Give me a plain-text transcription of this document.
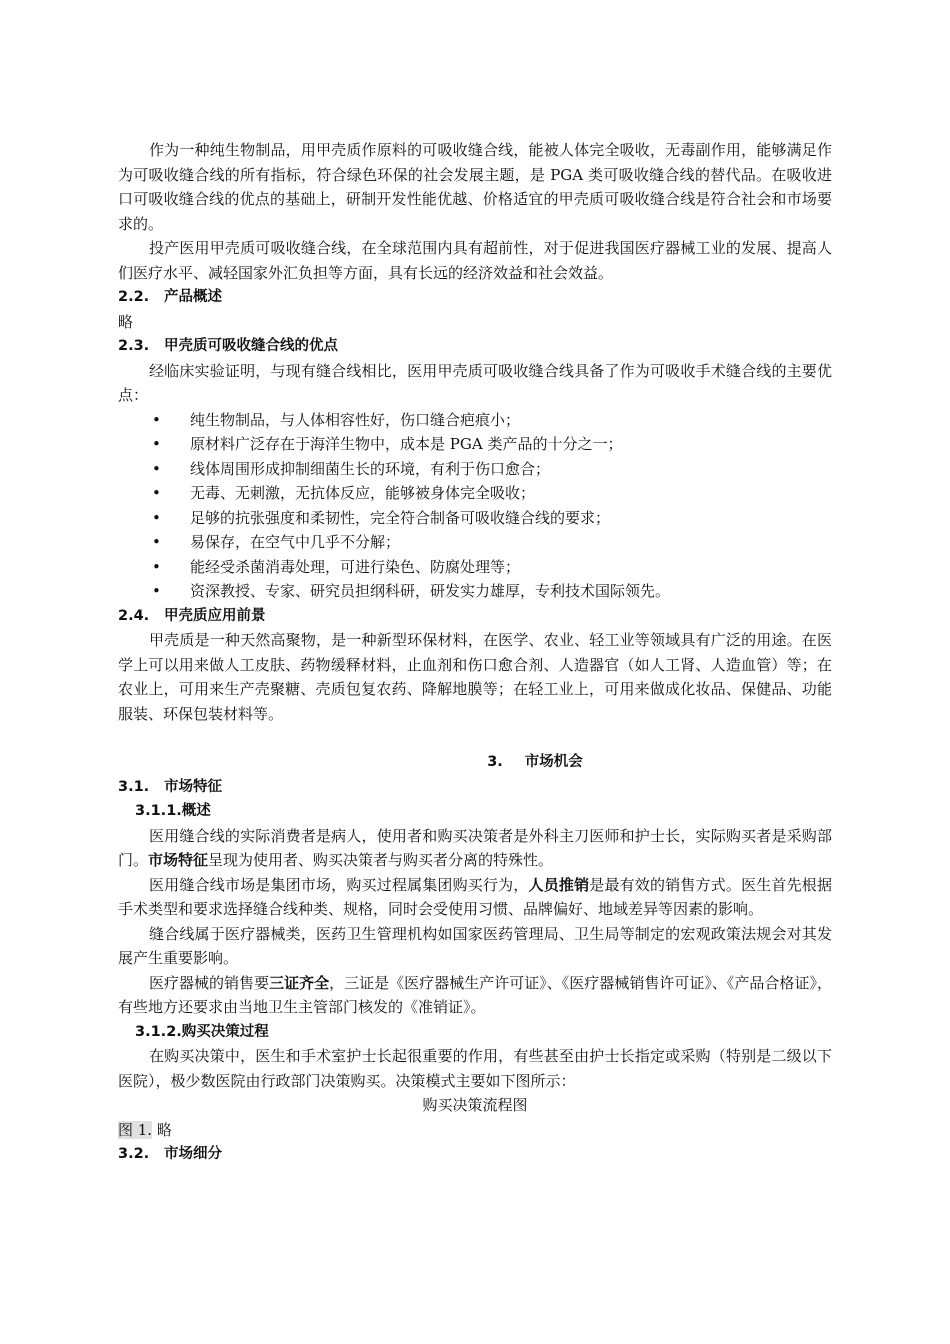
作为一种纯生物制品，用甲壳质作原料的可吸收缝合线，能被人体完全吸收，无毒副作用，能够满足作为可吸收缝合线的所有指标，符合绿色环保的社会发展主题，是 PGA 类可吸收缝合线的替代品。在吸收进口可吸收缝合线的优点的基础上，研制开发性能优越、价格适宜的甲壳质可吸收缝合线是符合社会和市场要求的。

投产医用甲壳质可吸收缝合线，在全球范围内具有超前性，对于促进我国医疗器械工业的发展、提高人们医疗水平、减轻国家外汇负担等方面，具有长远的经济效益和社会效益。

2.2.	产品概述

略

2.3.	甲壳质可吸收缝合线的优点

经临床实验证明，与现有缝合线相比，医用甲壳质可吸收缝合线具备了作为可吸收手术缝合线的主要优点：

•	纯生物制品，与人体相容性好，伤口缝合疤痕小；
•	原材料广泛存在于海洋生物中，成本是 PGA 类产品的十分之一；
•	线体周围形成抑制细菌生长的环境，有利于伤口愈合；
•	无毒、无刺激，无抗体反应，能够被身体完全吸收；
•	足够的抗张强度和柔韧性，完全符合制备可吸收缝合线的要求；
•	易保存，在空气中几乎不分解；
•	能经受杀菌消毒处理，可进行染色、防腐处理等；
•	资深教授、专家、研究员担纲科研，研发实力雄厚，专利技术国际领先。
2.4.	甲壳质应用前景

甲壳质是一种天然高聚物，是一种新型环保材料，在医学、农业、轻工业等领域具有广泛的用途。在医学上可以用来做人工皮肤、药物缓释材料，止血剂和伤口愈合剂、人造器官（如人工肾、人造血管）等；在农业上，可用来生产壳聚糖、壳质包复农药、降解地膜等；在轻工业上，可用来做成化妆品、保健品、功能服装、环保包装材料等。

3. 市场机会
3.1.	市场特征
3.1.1.概述

医用缝合线的实际消费者是病人，使用者和购买决策者是外科主刀医师和护士长，实际购买者是采购部门。市场特征呈现为使用者、购买决策者与购买者分离的特殊性。

医用缝合线市场是集团市场，购买过程属集团购买行为，人员推销是最有效的销售方式。医生首先根据手术类型和要求选择缝合线种类、规格，同时会受使用习惯、品牌偏好、地域差异等因素的影响。

缝合线属于医疗器械类，医药卫生管理机构如国家医药管理局、卫生局等制定的宏观政策法规会对其发展产生重要影响。

医疗器械的销售要三证齐全，三证是《医疗器械生产许可证》、《医疗器械销售许可证》、《产品合格证》，有些地方还要求由当地卫生主管部门核发的《准销证》。

3.1.2.购买决策过程

在购买决策中，医生和手术室护士长起很重要的作用，有些甚至由护士长指定或采购（特别是二级以下医院），极少数医院由行政部门决策购买。决策模式主要如下图所示：

购买决策流程图

图 1. 略

3.2.	市场细分
